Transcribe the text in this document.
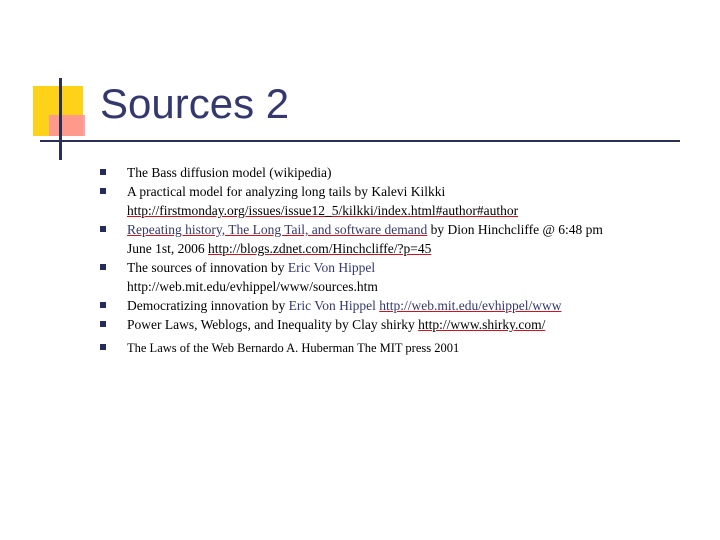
Sources 2
The Bass diffusion model (wikipedia)
A practical model for analyzing long tails by Kalevi Kilkki
http://firstmonday.org/issues/issue12_5/kilkki/index.html#author#author
Repeating history, The Long Tail, and software demand by Dion Hinchcliffe @ 6:48 pm
June 1st, 2006 http://blogs.zdnet.com/Hinchcliffe/?p=45
The sources of innovation by Eric Von Hippel
http://web.mit.edu/evhippel/www/sources.htm
Democratizing innovation by Eric Von Hippel http://web.mit.edu/evhippel/www
Power Laws, Weblogs, and Inequality by Clay shirky http://www.shirky.com/
The Laws of the Web Bernardo A. Huberman The MIT press 2001
